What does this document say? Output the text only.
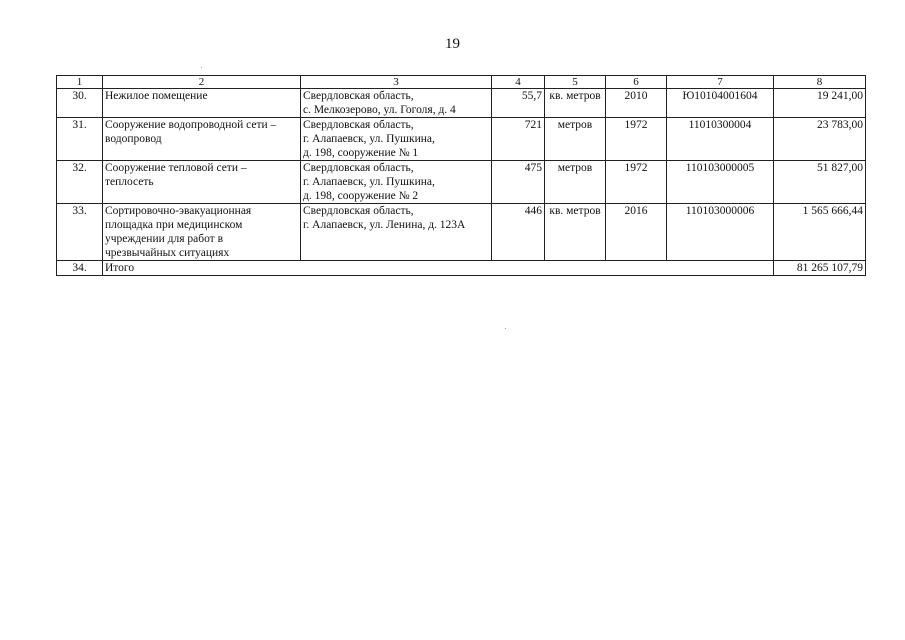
19
1	2	3	4	5	6	7	8
30.	Нежилое помещение	Свердловская область,
с. Мелкозерово, ул. Гоголя, д. 4	55,7	кв. метров	2010	Ю10104001604	19 241,00
31.	Сооружение водопроводной сети –
водопровод	Свердловская область,
г. Алапаевск, ул. Пушкина,
д. 198, сооружение № 1	721	метров	1972	11010300004	23 783,00
32.	Сооружение тепловой сети –
теплосеть	Свердловская область,
г. Алапаевск, ул. Пушкина,
д. 198, сооружение № 2	475	метров	1972	110103000005	51 827,00
33.	Сортировочно-эвакуационная
площадка при медицинском
учреждении для работ в
чрезвычайных ситуациях	Свердловская область,
г. Алапаевск, ул. Ленина, д. 123А	446	кв. метров	2016	110103000006	1 565 666,44
34.	Итого						81 265 107,79
